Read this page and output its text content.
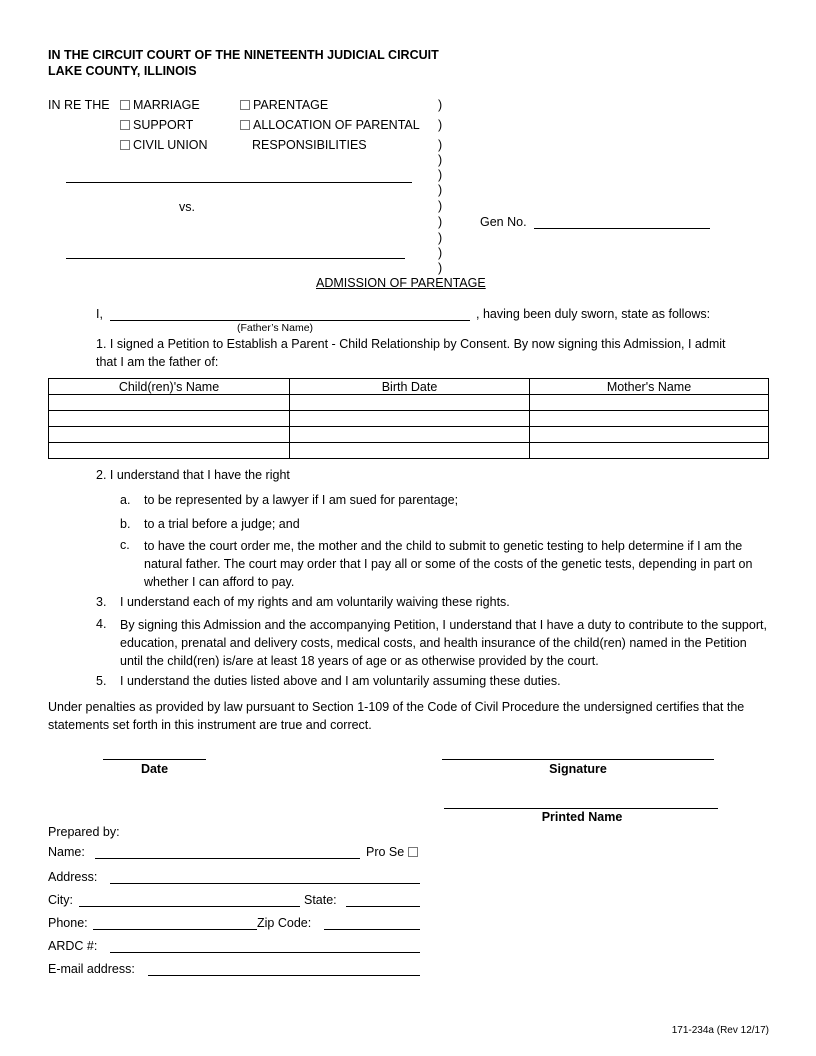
IN THE CIRCUIT COURT OF THE NINETEENTH JUDICIAL CIRCUIT
LAKE COUNTY, ILLINOIS
IN RE THE	MARRIAGE
SUPPORT
CIVIL UNION
PARENTAGE
ALLOCATION OF PARENTAL
RESPONSIBILITIES
)
)
)
)
)
)
)
)
)
)
)
vs.
Gen No.
ADMISSION OF PARENTAGE
I,	, having been duly sworn, state as follows:
(Father’s Name)
1. I signed a Petition to Establish a Parent - Child Relationship by Consent. By now signing this Admission, I admit that I am the father of:
Child(ren)'s Name	Birth Date	Mother's Name

2. I understand that I have the right
a. to be represented by a lawyer if I am sued for parentage;
b. to a trial before a judge; and
c. to have the court order me, the mother and the child to submit to genetic testing to help determine if I am the natural father. The court may order that I pay all or some of the costs of the genetic tests, depending in part on whether I can afford to pay.
3. I understand each of my rights and am voluntarily waiving these rights.
4. By signing this Admission and the accompanying Petition, I understand that I have a duty to contribute to the support, education, prenatal and delivery costs, medical costs, and health insurance of the child(ren) named in the Petition until the child(ren) is/are at least 18 years of age or as otherwise provided by the court.
5. I understand the duties listed above and I am voluntarily assuming these duties.
Under penalties as provided by law pursuant to Section 1-109 of the Code of Civil Procedure the undersigned certifies that the statements set forth in this instrument are true and correct.
Date	Signature
Printed Name
Prepared by:
Name:	Pro Se
Address:
City:	State:
Phone:	Zip Code:
ARDC #:
E-mail address:
171-234a (Rev 12/17)
